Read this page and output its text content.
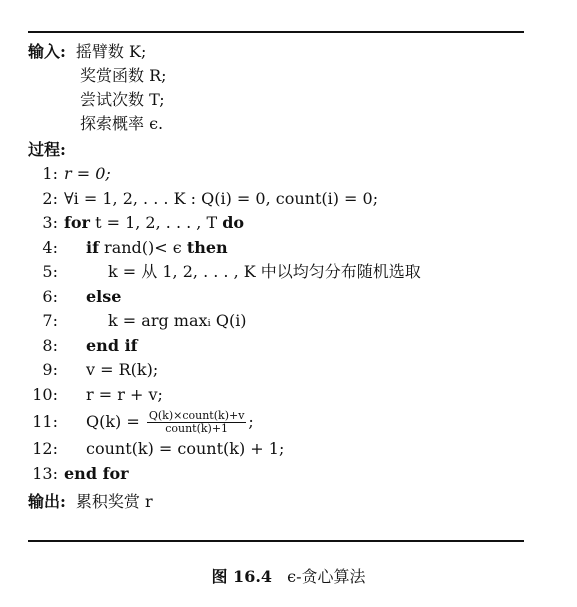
输入: 摇臂数 K;
奖赏函数 R;
尝试次数 T;
探索概率 ϵ.
过程:
1: r = 0;
2: ∀i = 1, 2, . . . K : Q(i) = 0, count(i) = 0;
3: for t = 1, 2, . . . , T do
4:	if rand()< ϵ then
5:	k = 从 1, 2, . . . , K 中以均匀分布随机选取
6:	else
7:	k = arg maxᵢ Q(i)
8:	end if
9:	v = R(k);
10:	r = r + v;
11:	$Q(k) = \frac{\text{Q(k)×count(k)+v}}{\text{count(k)+1}}$ ;
12:	count(k) = count(k) + 1;
13: end for
输出: 累积奖赏 r
图 16.4 ϵ-贪心算法
